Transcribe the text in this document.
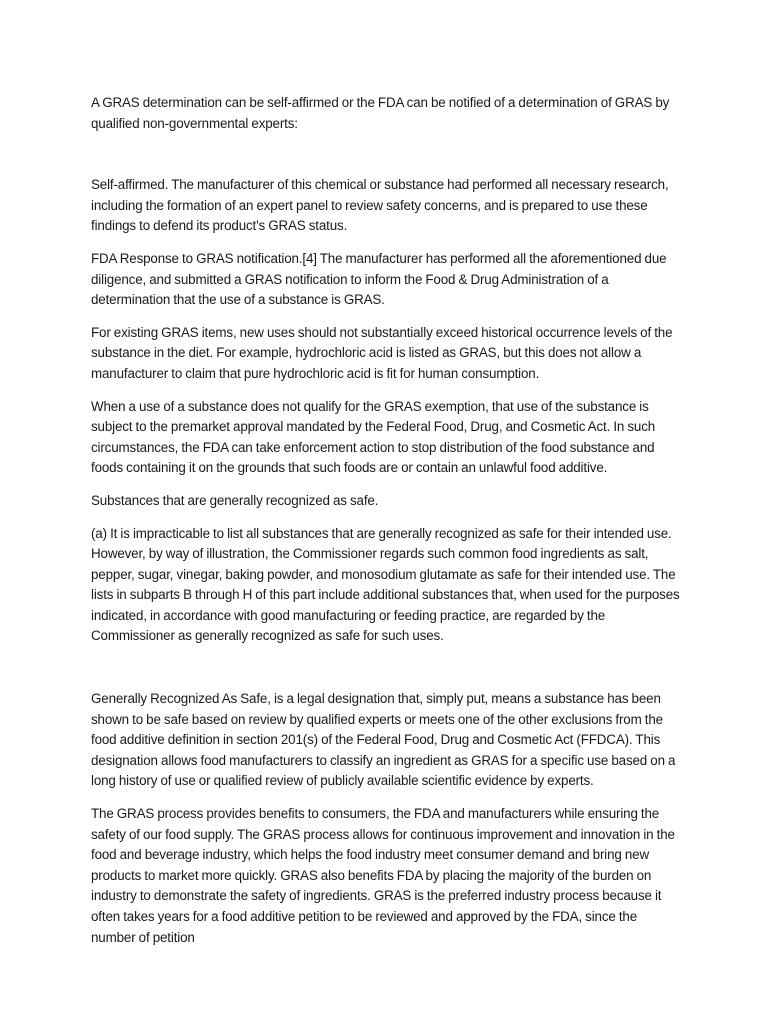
A GRAS determination can be self-affirmed or the FDA can be notified of a determination of GRAS by qualified non-governmental experts:

Self-affirmed. The manufacturer of this chemical or substance had performed all necessary research, including the formation of an expert panel to review safety concerns, and is prepared to use these findings to defend its product's GRAS status.

FDA Response to GRAS notification.[4] The manufacturer has performed all the aforementioned due diligence, and submitted a GRAS notification to inform the Food & Drug Administration of a determination that the use of a substance is GRAS.

For existing GRAS items, new uses should not substantially exceed historical occurrence levels of the substance in the diet. For example, hydrochloric acid is listed as GRAS, but this does not allow a manufacturer to claim that pure hydrochloric acid is fit for human consumption.

When a use of a substance does not qualify for the GRAS exemption, that use of the substance is subject to the premarket approval mandated by the Federal Food, Drug, and Cosmetic Act. In such circumstances, the FDA can take enforcement action to stop distribution of the food substance and foods containing it on the grounds that such foods are or contain an unlawful food additive.

Substances that are generally recognized as safe.

(a) It is impracticable to list all substances that are generally recognized as safe for their intended use. However, by way of illustration, the Commissioner regards such common food ingredients as salt, pepper, sugar, vinegar, baking powder, and monosodium glutamate as safe for their intended use. The lists in subparts B through H of this part include additional substances that, when used for the purposes indicated, in accordance with good manufacturing or feeding practice, are regarded by the Commissioner as generally recognized as safe for such uses.

Generally Recognized As Safe, is a legal designation that, simply put, means a substance has been shown to be safe based on review by qualified experts or meets one of the other exclusions from the food additive definition in section 201(s) of the Federal Food, Drug and Cosmetic Act (FFDCA). This designation allows food manufacturers to classify an ingredient as GRAS for a specific use based on a long history of use or qualified review of publicly available scientific evidence by experts.

The GRAS process provides benefits to consumers, the FDA and manufacturers while ensuring the safety of our food supply. The GRAS process allows for continuous improvement and innovation in the food and beverage industry, which helps the food industry meet consumer demand and bring new products to market more quickly. GRAS also benefits FDA by placing the majority of the burden on industry to demonstrate the safety of ingredients. GRAS is the preferred industry process because it often takes years for a food additive petition to be reviewed and approved by the FDA, since the number of petition
